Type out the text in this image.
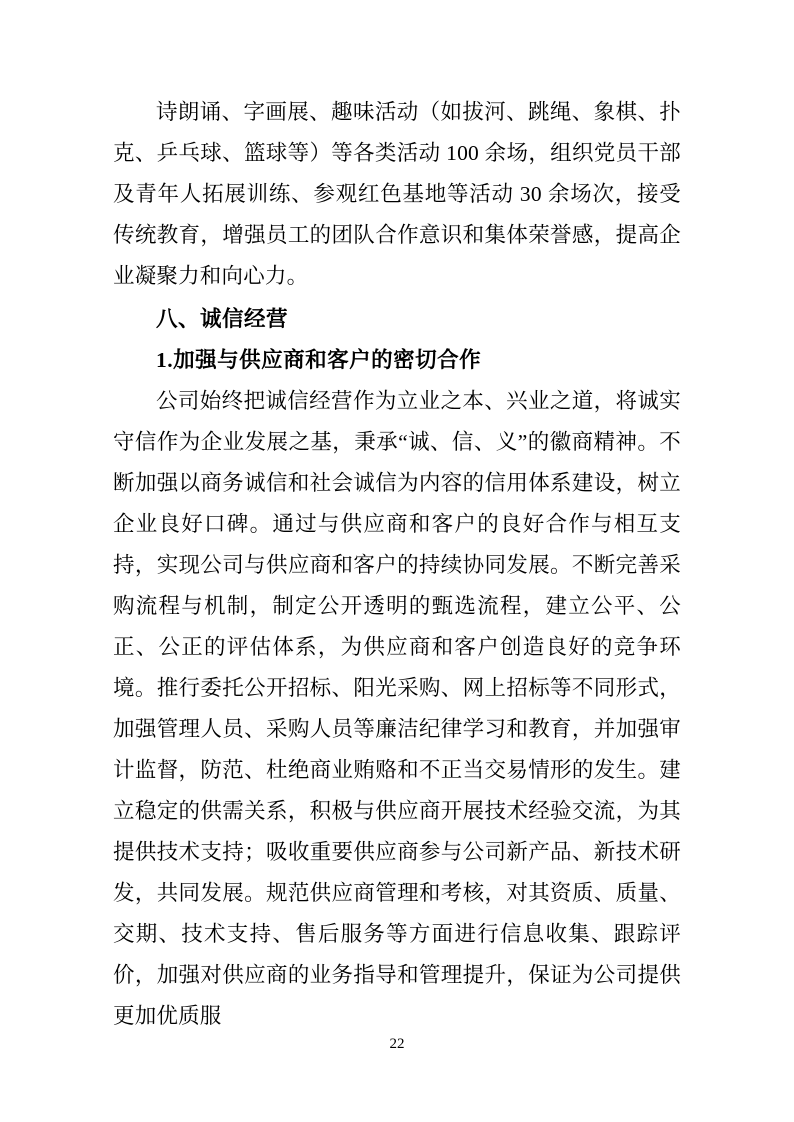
诗朗诵、字画展、趣味活动（如拔河、跳绳、象棋、扑克、乒乓球、篮球等）等各类活动 100 余场，组织党员干部及青年人拓展训练、参观红色基地等活动 30 余场次，接受传统教育，增强员工的团队合作意识和集体荣誉感，提高企业凝聚力和向心力。

八、诚信经营

1.加强与供应商和客户的密切合作

公司始终把诚信经营作为立业之本、兴业之道，将诚实守信作为企业发展之基，秉承“诚、信、义”的徽商精神。不断加强以商务诚信和社会诚信为内容的信用体系建设，树立企业良好口碑。通过与供应商和客户的良好合作与相互支持，实现公司与供应商和客户的持续协同发展。不断完善采购流程与机制，制定公开透明的甄选流程，建立公平、公正、公正的评估体系，为供应商和客户创造良好的竞争环境。推行委托公开招标、阳光采购、网上招标等不同形式，加强管理人员、采购人员等廉洁纪律学习和教育，并加强审计监督，防范、杜绝商业贿赂和不正当交易情形的发生。建立稳定的供需关系，积极与供应商开展技术经验交流，为其提供技术支持；吸收重要供应商参与公司新产品、新技术研发，共同发展。规范供应商管理和考核，对其资质、质量、交期、技术支持、售后服务等方面进行信息收集、跟踪评价，加强对供应商的业务指导和管理提升，保证为公司提供更加优质服

22
